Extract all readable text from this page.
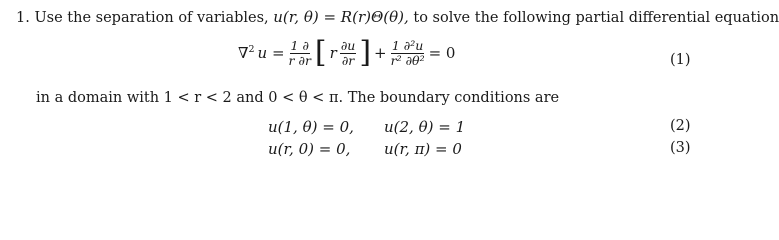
1. Use the separation of variables, u(r, θ) = R(r)Θ(θ), to solve the following partial differential equation
∇$^2$ $u = \frac{1 \partial}{r \partial r}$ [ r $\frac{\partial u}{\partial r}$ ] + $\frac{\text{1 ∂²u}}{\text{r² ∂θ²}} = 0$	(1)
in a domain with 1 < r < 2 and 0 < θ < π. The boundary conditions are
u(1, θ) = 0, u(2, θ) = 1	(2)
u(r, 0) = 0, u(r, π) = 0	(3)
